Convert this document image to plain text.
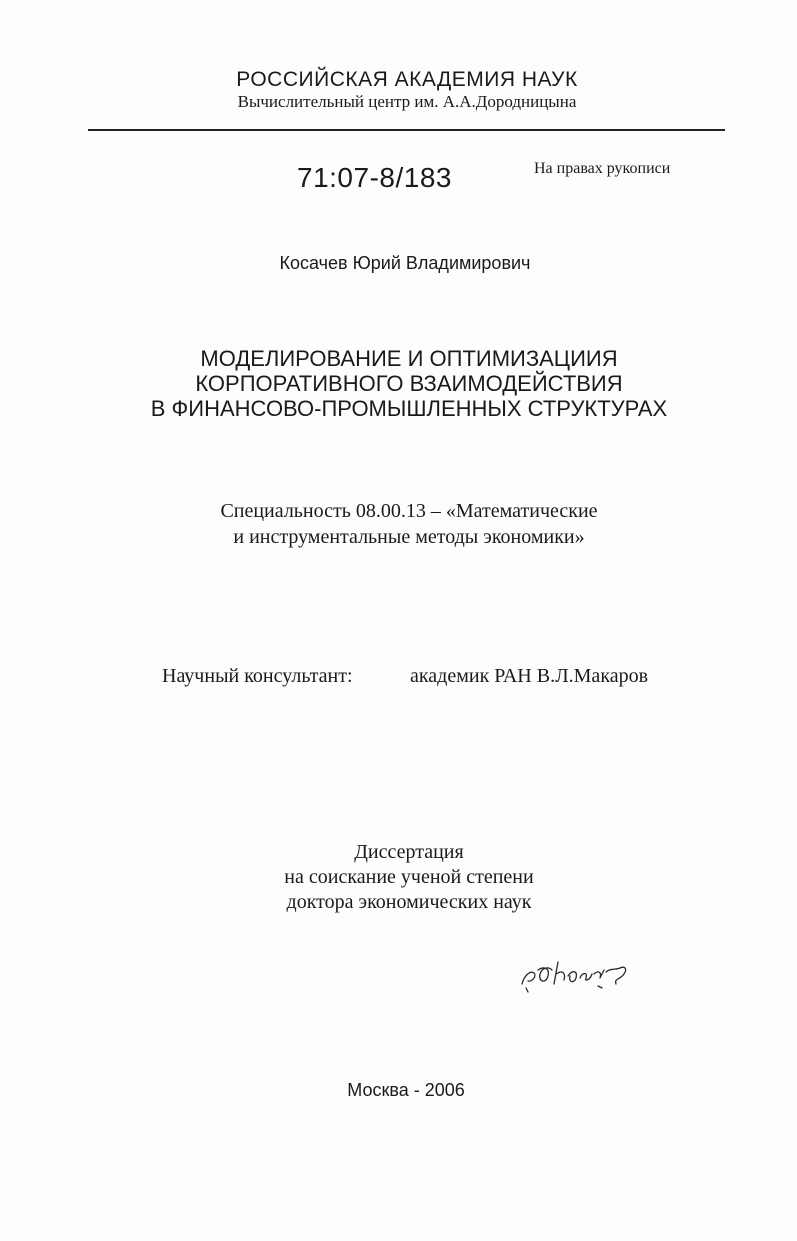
РОССИЙСКАЯ АКАДЕМИЯ НАУК
Вычислительный центр им. А.А.Дородницына
71:07-8/183	На правах рукописи
Косачев Юрий Владимирович
МОДЕЛИРОВАНИЕ И ОПТИМИЗАЦИИЯ
КОРПОРАТИВНОГО ВЗАИМОДЕЙСТВИЯ
В ФИНАНСОВО-ПРОМЫШЛЕННЫХ СТРУКТУРАХ
Специальность 08.00.13 – «Математические
и инструментальные методы экономики»
Научный консультант:	академик РАН В.Л.Макаров
Диссертация
на соискание ученой степени
доктора экономических наук
Москва - 2006
